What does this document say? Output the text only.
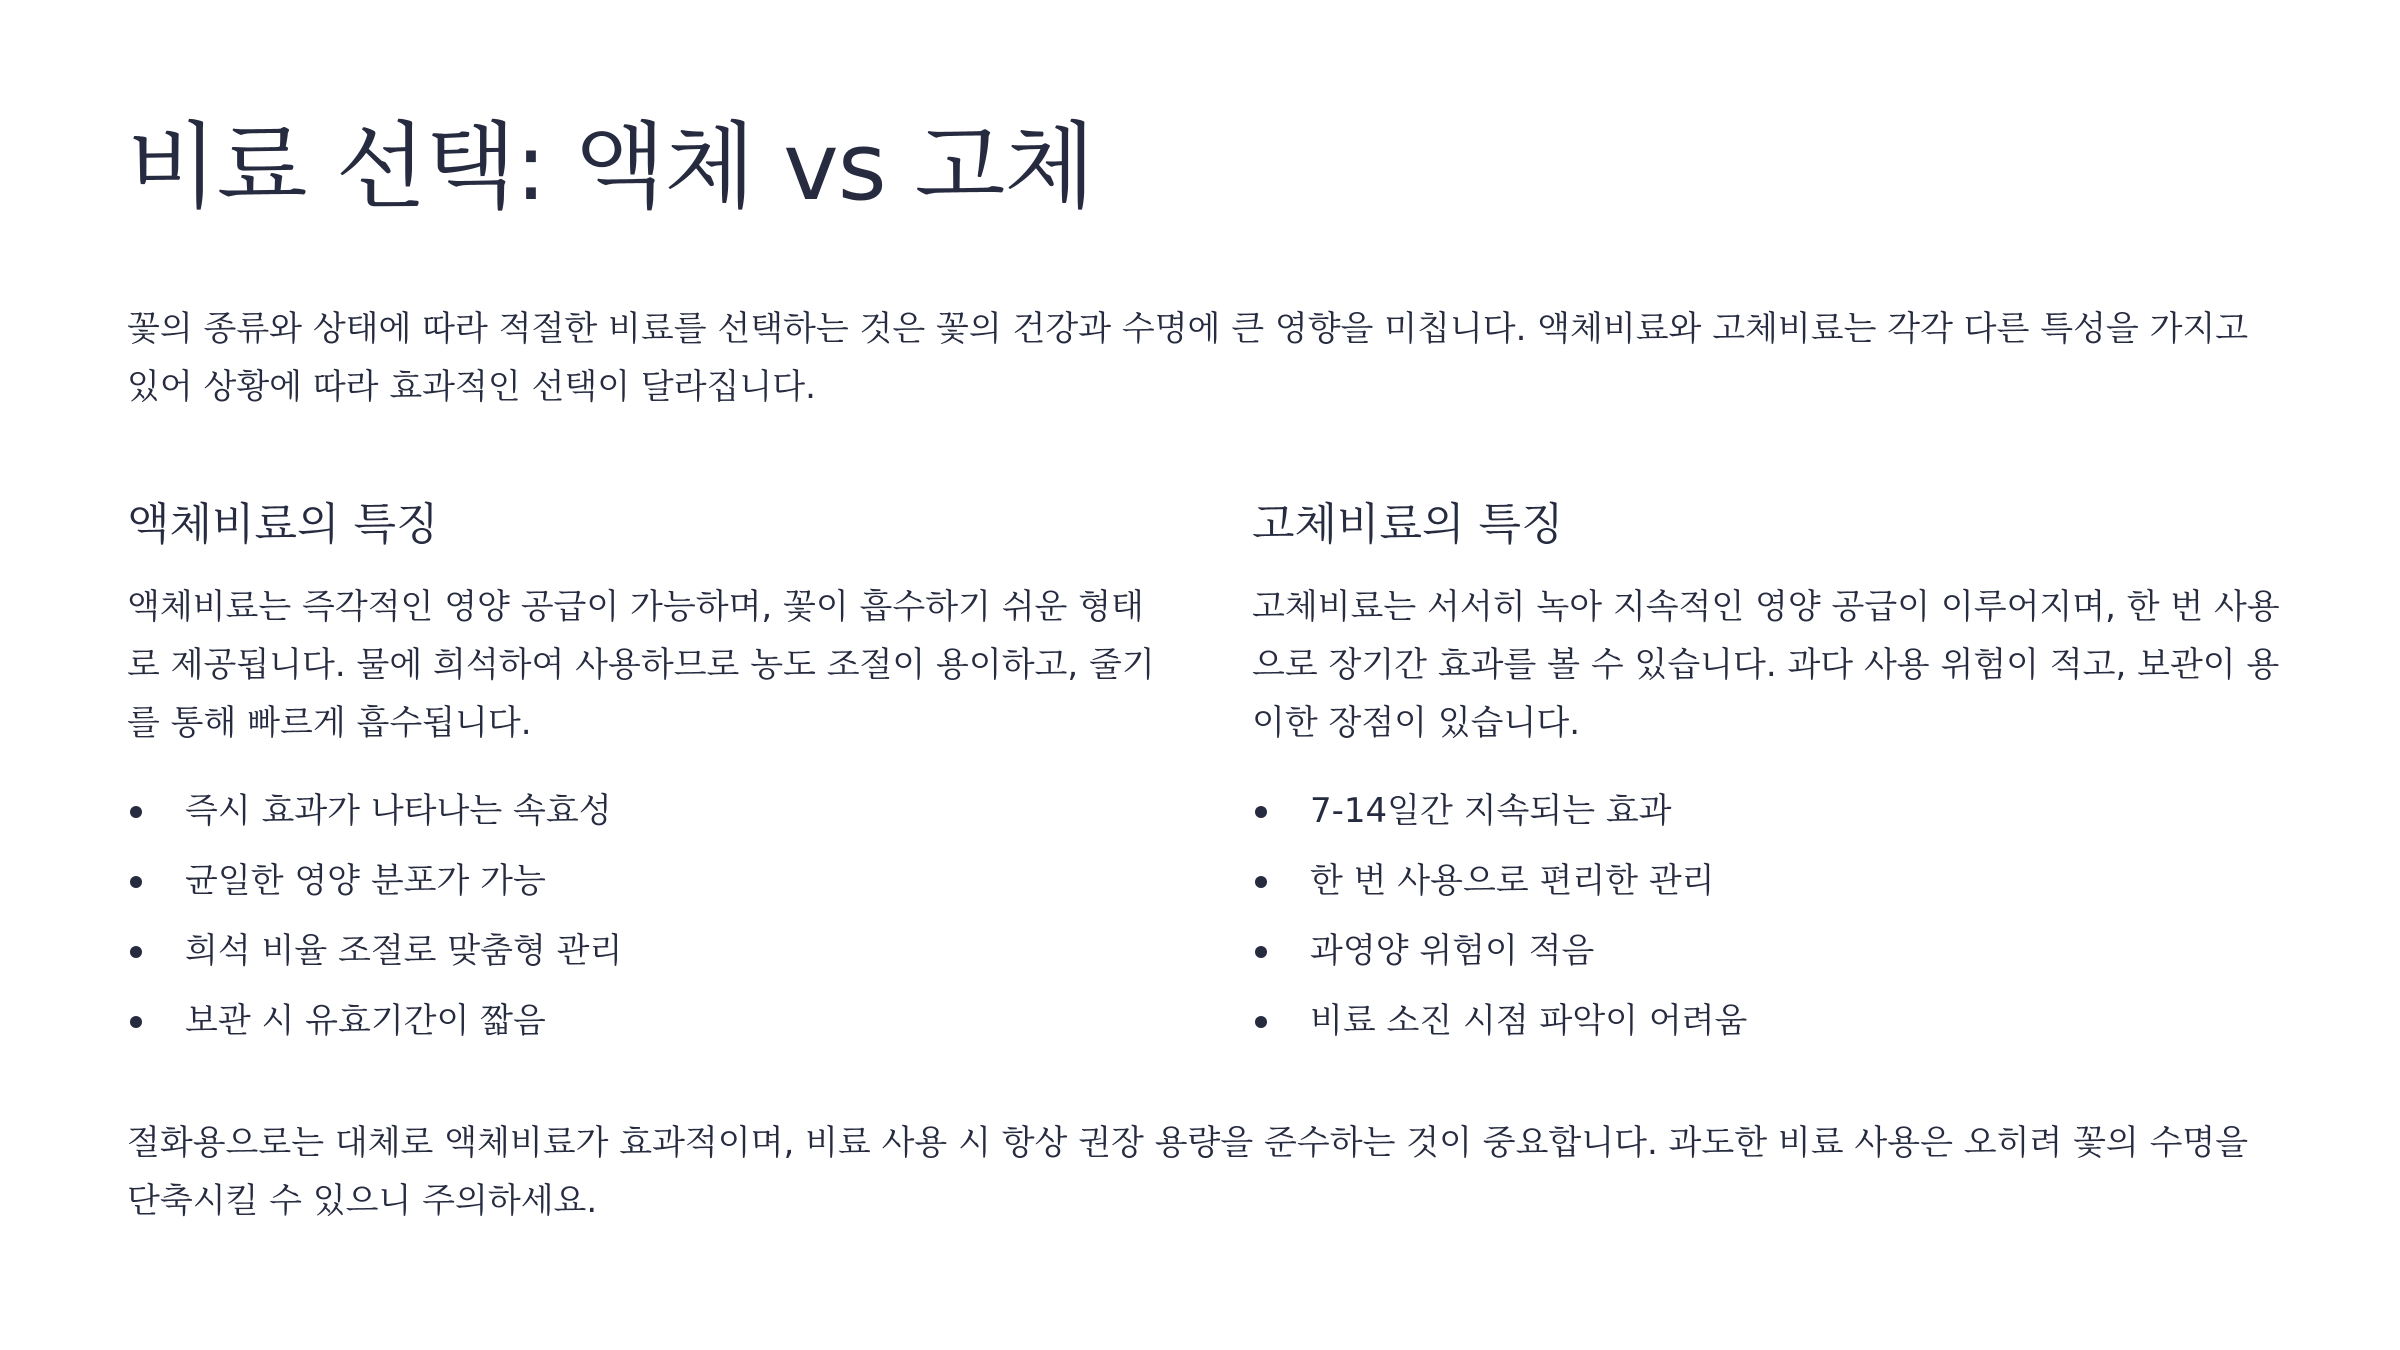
비료 선택: 액체 vs 고체

꽃의 종류와 상태에 따라 적절한 비료를 선택하는 것은 꽃의 건강과 수명에 큰 영향을 미칩니다. 액체비료와 고체비료는 각각 다른 특성을 가지고 있어 상황에 따라 효과적인 선택이 달라집니다.

액체비료의 특징

액체비료는 즉각적인 영양 공급이 가능하며, 꽃이 흡수하기 쉬운 형태로 제공됩니다. 물에 희석하여 사용하므로 농도 조절이 용이하고, 줄기를 통해 빠르게 흡수됩니다.

즉시 효과가 나타나는 속효성
균일한 영양 분포가 가능
희석 비율 조절로 맞춤형 관리
보관 시 유효기간이 짧음
고체비료의 특징

고체비료는 서서히 녹아 지속적인 영양 공급이 이루어지며, 한 번 사용으로 장기간 효과를 볼 수 있습니다. 과다 사용 위험이 적고, 보관이 용이한 장점이 있습니다.

7-14일간 지속되는 효과
한 번 사용으로 편리한 관리
과영양 위험이 적음
비료 소진 시점 파악이 어려움

절화용으로는 대체로 액체비료가 효과적이며, 비료 사용 시 항상 권장 용량을 준수하는 것이 중요합니다. 과도한 비료 사용은 오히려 꽃의 수명을 단축시킬 수 있으니 주의하세요.
